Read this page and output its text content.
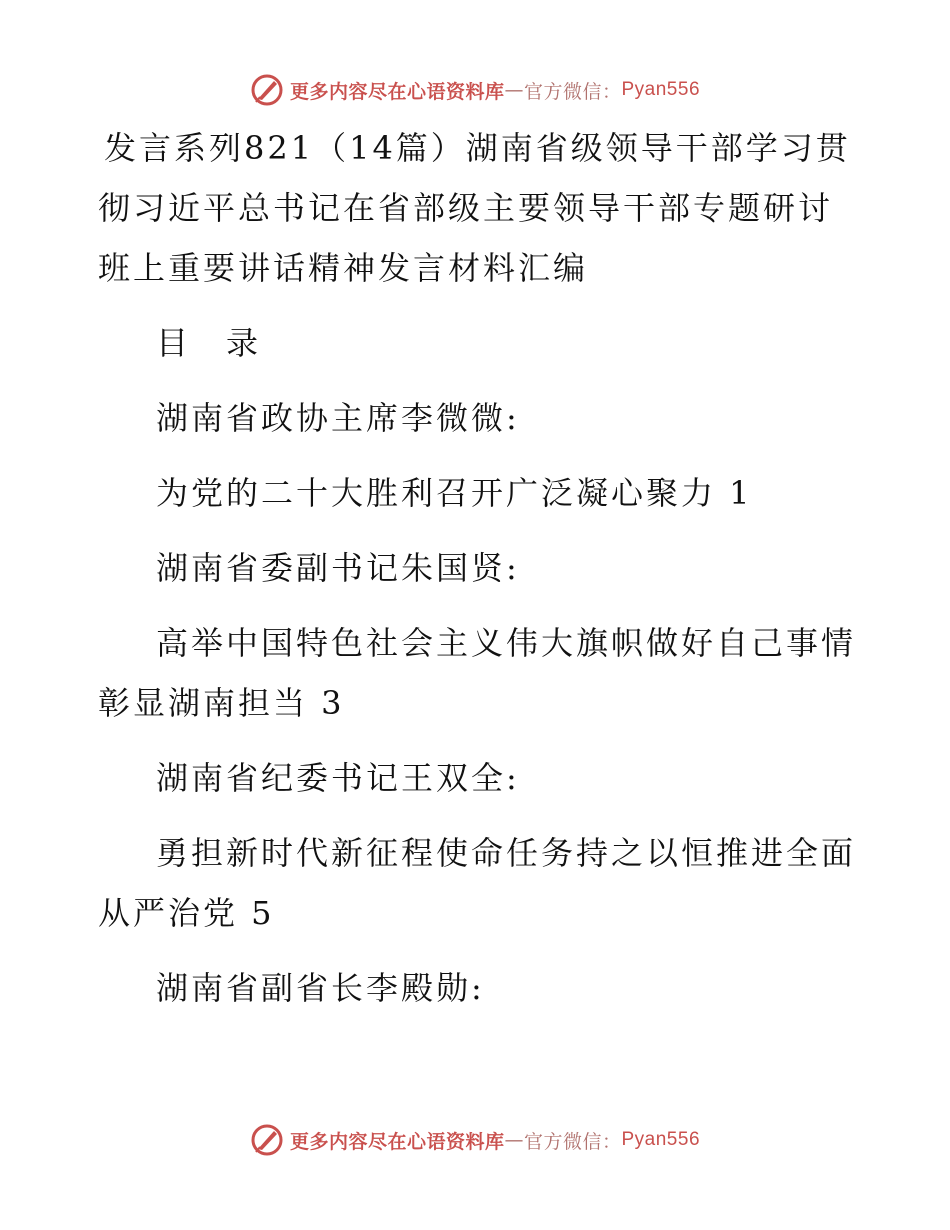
更多内容尽在心语资料库 — 官方微信： Pyan556

发言系列821（14篇）湖南省级领导干部学习贯彻习近平总书记在省部级主要领导干部专题研讨班上重要讲话精神发言材料汇编

目　录

湖南省政协主席李微微:

为党的二十大胜利召开广泛凝心聚力 1

湖南省委副书记朱国贤:

高举中国特色社会主义伟大旗帜做好自己事情彰显湖南担当 3

湖南省纪委书记王双全:

勇担新时代新征程使命任务持之以恒推进全面从严治党 5

湖南省副省长李殿勋:

更多内容尽在心语资料库 — 官方微信： Pyan556
